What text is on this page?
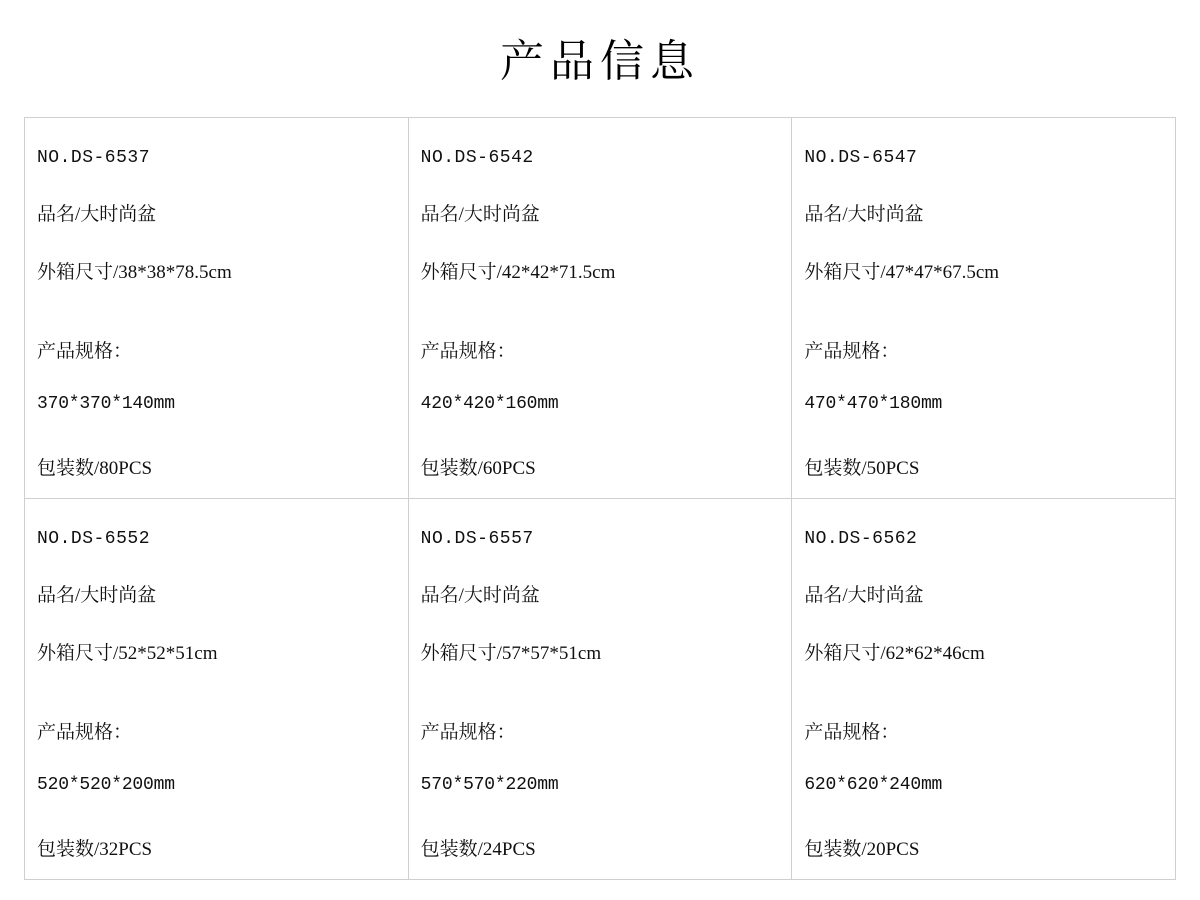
产品信息

NO.DS-6537

品名/大时尚盆

外箱尺寸/38*38*78.5cm

产品规格：

370*370*140mm

包装数/80PCS

NO.DS-6542

品名/大时尚盆

外箱尺寸/42*42*71.5cm

产品规格：

420*420*160mm

包装数/60PCS

NO.DS-6547

品名/大时尚盆

外箱尺寸/47*47*67.5cm

产品规格：

470*470*180mm

包装数/50PCS

NO.DS-6552

品名/大时尚盆

外箱尺寸/52*52*51cm

产品规格：

520*520*200mm

包装数/32PCS

NO.DS-6557

品名/大时尚盆

外箱尺寸/57*57*51cm

产品规格：

570*570*220mm

包装数/24PCS

NO.DS-6562

品名/大时尚盆

外箱尺寸/62*62*46cm

产品规格：

620*620*240mm

包装数/20PCS
